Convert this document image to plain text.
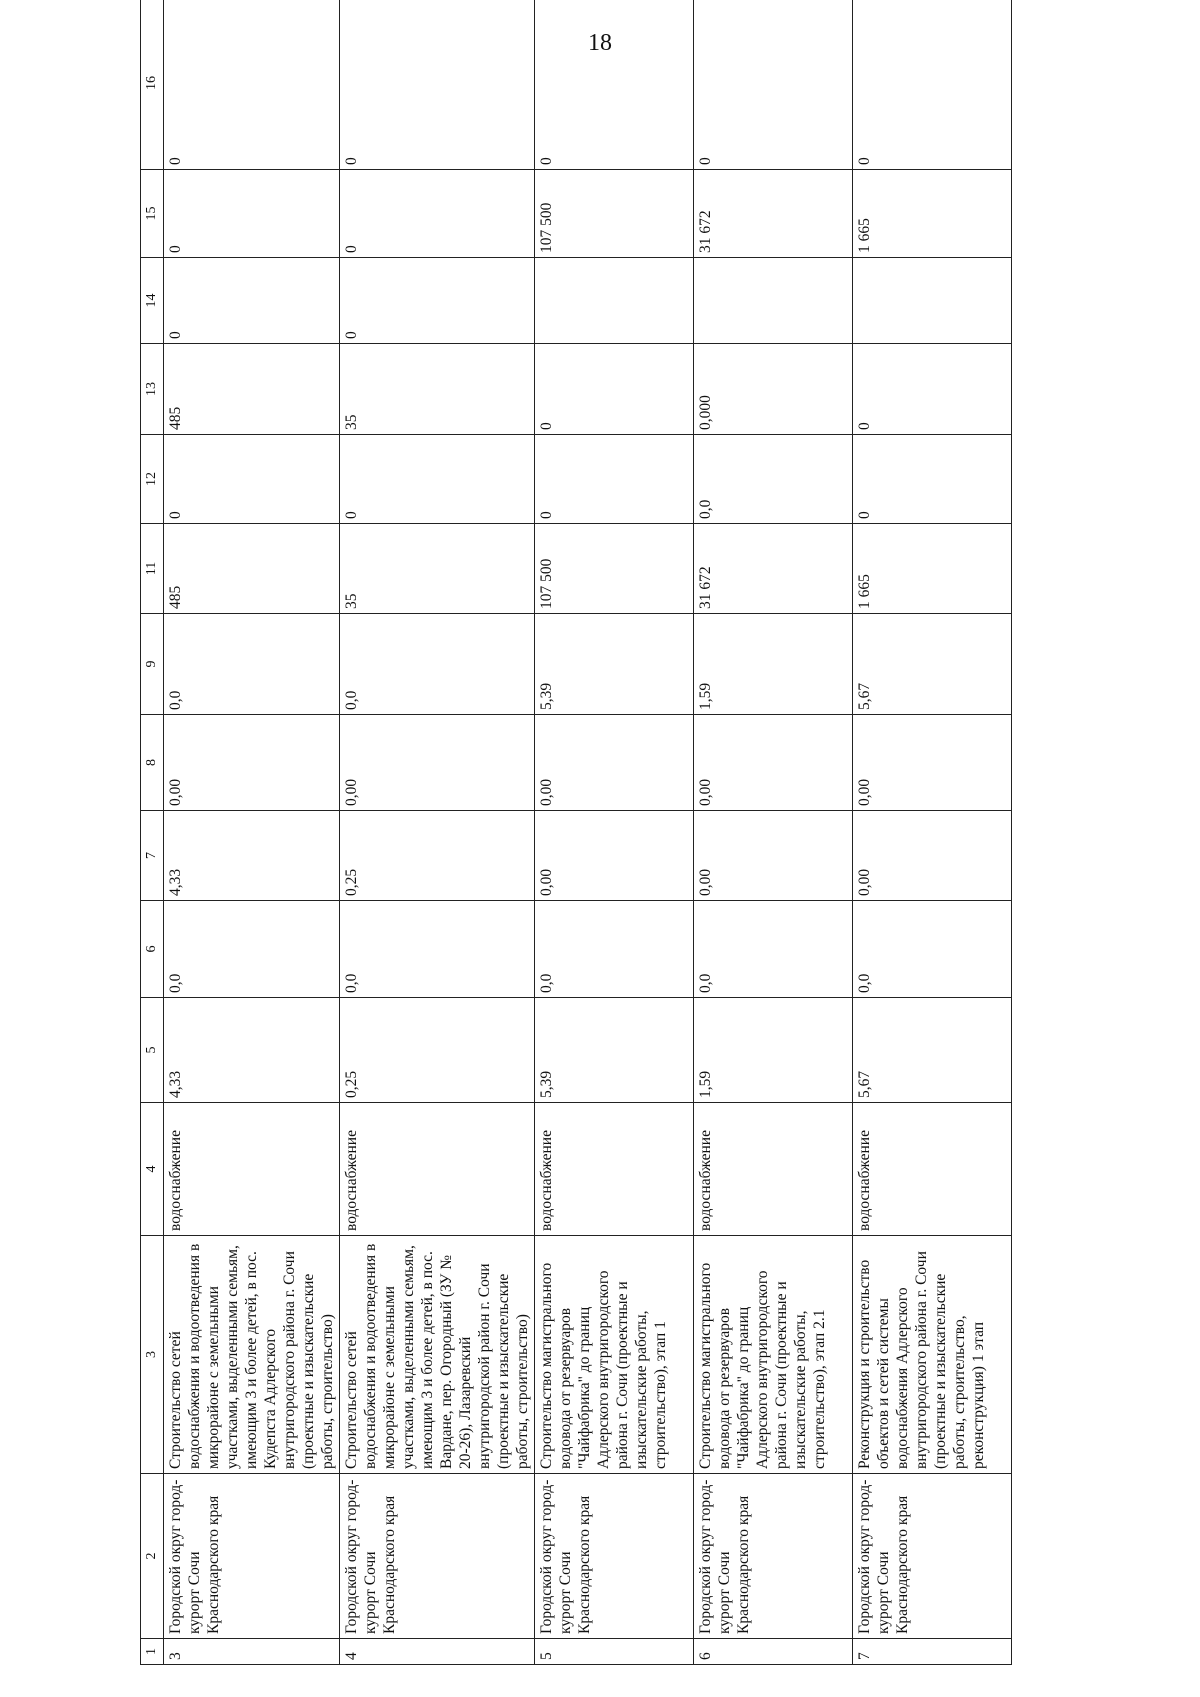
18
1	2	3	4	5	6	7	8	9	11	12	13	14	15	16
3	Городской округ город-курорт Сочи Краснодарского края	Строительство сетей водоснабжения и водоотведения в микрорайоне с земельными участками, выделенными семьям, имеющим 3 и более детей, в пос. Кудепста Адлерского внутригородского района г. Сочи (проектные и изыскательские работы, строительство)	водоснабжение	4,33	0,0	4,33	0,00	0,0	485	0	485	0	0	0
4	Городской округ город-курорт Сочи Краснодарского края	Строительство сетей водоснабжения и водоотведения в микрорайоне с земельными участками, выделенными семьям, имеющим 3 и более детей, в пос. Вардане, пер. Огородный (ЗУ № 20-26), Лазаревский внутригородской район г. Сочи (проектные и изыскательские работы, строительство)	водоснабжение	0,25	0,0	0,25	0,00	0,0	35	0	35	0	0	0
5	Городской округ город-курорт Сочи Краснодарского края	Строительство магистрального водовода от резервуаров "Чайфабрика" до границ Адлерского внутригородского района г. Сочи (проектные и изыскательские работы, строительство), этап 1	водоснабжение	5,39	0,0	0,00	0,00	5,39	107 500	0	0		107 500	0
6	Городской округ город-курорт Сочи Краснодарского края	Строительство магистрального водовода от резервуаров "Чайфабрика" до границ Адлерского внутригородского района г. Сочи (проектные и изыскательские работы, строительство), этап 2.1	водоснабжение	1,59	0,0	0,00	0,00	1,59	31 672	0,0	0,000		31 672	0
7	Городской округ город-курорт Сочи Краснодарского края	Реконструкция и строительство объектов и сетей системы водоснабжения Адлерского внутригородского района г. Сочи (проектные и изыскательские работы, строительство, реконструкция) 1 этап	водоснабжение	5,67	0,0	0,00	0,00	5,67	1 665	0	0		1 665	0
